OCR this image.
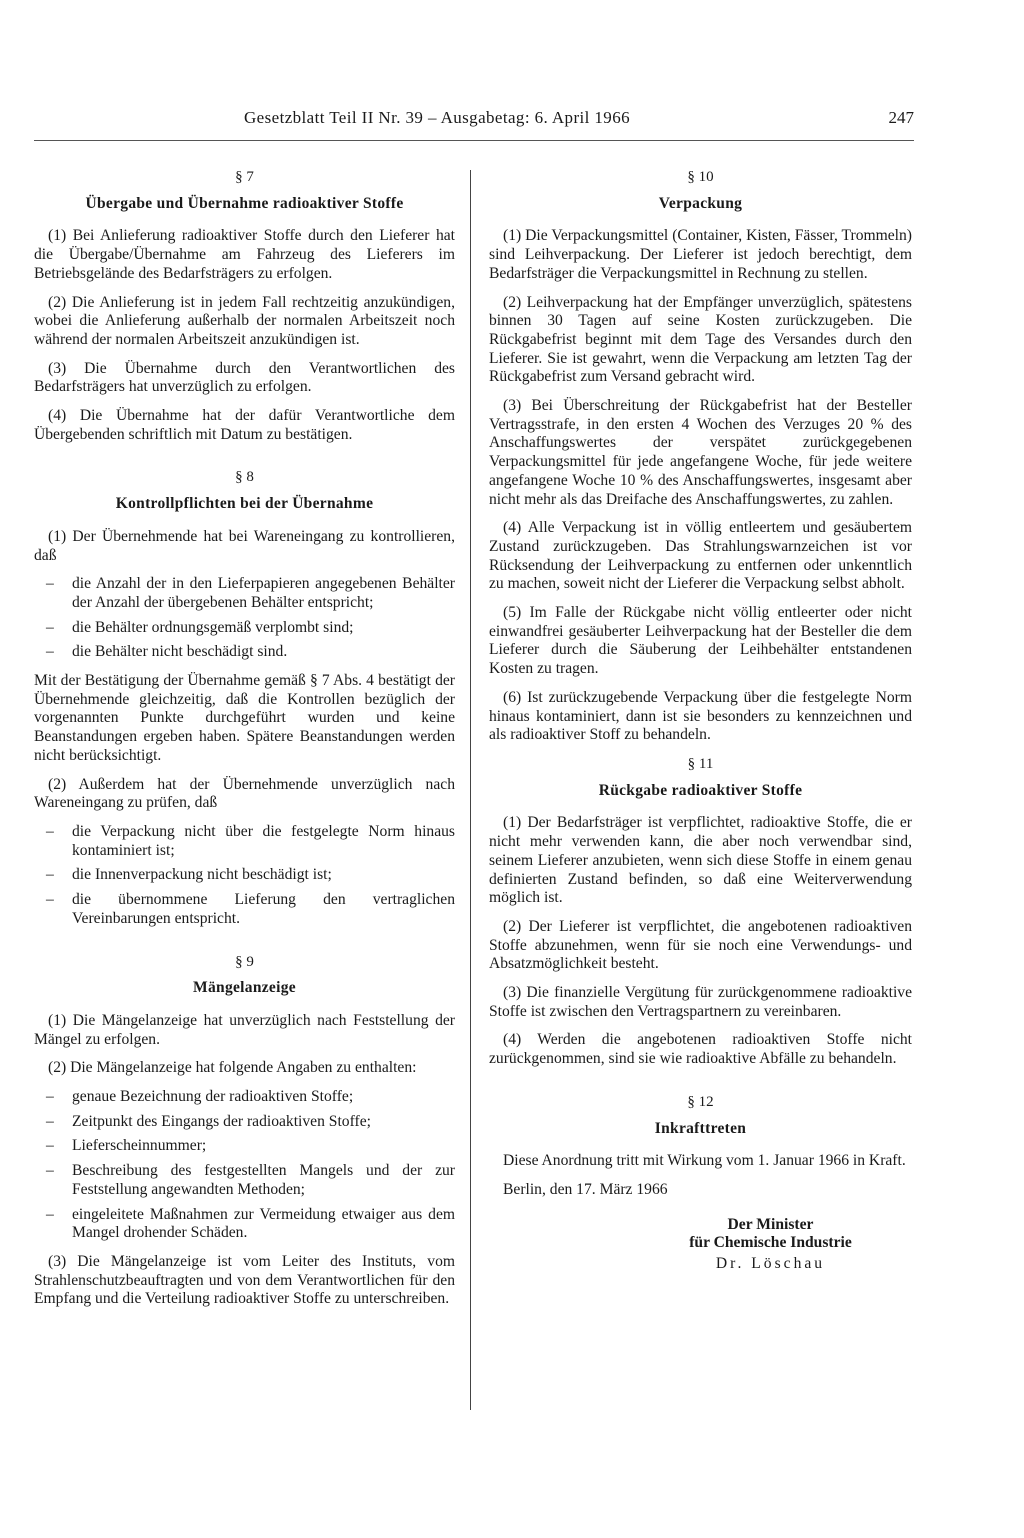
Gesetzblatt Teil II Nr. 39 – Ausgabetag: 6. April 1966	247
§ 7
Übergabe und Übernahme radioaktiver Stoffe

(1) Bei Anlieferung radioaktiver Stoffe durch den Lieferer hat die Übergabe/Übernahme am Fahrzeug des Lieferers im Betriebsgelände des Bedarfsträgers zu erfolgen.

(2) Die Anlieferung ist in jedem Fall rechtzeitig anzukündigen, wobei die Anlieferung außerhalb der normalen Arbeitszeit noch während der normalen Arbeitszeit anzukündigen ist.

(3) Die Übernahme durch den Verantwortlichen des Bedarfsträgers hat unverzüglich zu erfolgen.

(4) Die Übernahme hat der dafür Verantwortliche dem Übergebenden schriftlich mit Datum zu bestätigen.

§ 8
Kontrollpflichten bei der Übernahme

(1) Der Übernehmende hat bei Wareneingang zu kontrollieren, daß

– die Anzahl der in den Lieferpapieren angegebenen Behälter der Anzahl der übergebenen Behälter entspricht;
– die Behälter ordnungsgemäß verplombt sind;
– die Behälter nicht beschädigt sind.

Mit der Bestätigung der Übernahme gemäß § 7 Abs. 4 bestätigt der Übernehmende gleichzeitig, daß die Kontrollen bezüglich der vorgenannten Punkte durchgeführt wurden und keine Beanstandungen ergeben haben. Spätere Beanstandungen werden nicht berücksichtigt.

(2) Außerdem hat der Übernehmende unverzüglich nach Wareneingang zu prüfen, daß

– die Verpackung nicht über die festgelegte Norm hinaus kontaminiert ist;
– die Innenverpackung nicht beschädigt ist;
– die übernommene Lieferung den vertraglichen Vereinbarungen entspricht.
§ 9
Mängelanzeige

(1) Die Mängelanzeige hat unverzüglich nach Feststellung der Mängel zu erfolgen.

(2) Die Mängelanzeige hat folgende Angaben zu enthalten:

– genaue Bezeichnung der radioaktiven Stoffe;
– Zeitpunkt des Eingangs der radioaktiven Stoffe;
– Lieferscheinnummer;
– Beschreibung des festgestellten Mangels und der zur Feststellung angewandten Methoden;
– eingeleitete Maßnahmen zur Vermeidung etwaiger aus dem Mangel drohender Schäden.

(3) Die Mängelanzeige ist vom Leiter des Instituts, vom Strahlenschutzbeauftragten und von dem Verantwortlichen für den Empfang und die Verteilung radioaktiver Stoffe zu unterschreiben.

§ 10
Verpackung

(1) Die Verpackungsmittel (Container, Kisten, Fässer, Trommeln) sind Leihverpackung. Der Lieferer ist jedoch berechtigt, dem Bedarfsträger die Verpackungsmittel in Rechnung zu stellen.

(2) Leihverpackung hat der Empfänger unverzüglich, spätestens binnen 30 Tagen auf seine Kosten zurückzugeben. Die Rückgabefrist beginnt mit dem Tage des Versandes durch den Lieferer. Sie ist gewahrt, wenn die Verpackung am letzten Tag der Rückgabefrist zum Versand gebracht wird.

(3) Bei Überschreitung der Rückgabefrist hat der Besteller Vertragsstrafe, in den ersten 4 Wochen des Verzuges 20 % des Anschaffungswertes der verspätet zurückgegebenen Verpackungsmittel für jede angefangene Woche, für jede weitere angefangene Woche 10 % des Anschaffungswertes, insgesamt aber nicht mehr als das Dreifache des Anschaffungswertes, zu zahlen.

(4) Alle Verpackung ist in völlig entleertem und gesäubertem Zustand zurückzugeben. Das Strahlungswarnzeichen ist vor Rücksendung der Leihverpackung zu entfernen oder unkenntlich zu machen, soweit nicht der Lieferer die Verpackung selbst abholt.

(5) Im Falle der Rückgabe nicht völlig entleerter oder nicht einwandfrei gesäuberter Leihverpackung hat der Besteller die dem Lieferer durch die Säuberung der Leihbehälter entstandenen Kosten zu tragen.

(6) Ist zurückzugebende Verpackung über die festgelegte Norm hinaus kontaminiert, dann ist sie besonders zu kennzeichnen und als radioaktiver Stoff zu behandeln.

§ 11
Rückgabe radioaktiver Stoffe

(1) Der Bedarfsträger ist verpflichtet, radioaktive Stoffe, die er nicht mehr verwenden kann, die aber noch verwendbar sind, seinem Lieferer anzubieten, wenn sich diese Stoffe in einem genau definierten Zustand befinden, so daß eine Weiterverwendung möglich ist.

(2) Der Lieferer ist verpflichtet, die angebotenen radioaktiven Stoffe abzunehmen, wenn für sie noch eine Verwendungs- und Absatzmöglichkeit besteht.

(3) Die finanzielle Vergütung für zurückgenommene radioaktive Stoffe ist zwischen den Vertragspartnern zu vereinbaren.

(4) Werden die angebotenen radioaktiven Stoffe nicht zurückgenommen, sind sie wie radioaktive Abfälle zu behandeln.

§ 12
Inkrafttreten

Diese Anordnung tritt mit Wirkung vom 1. Januar 1966 in Kraft.

Berlin, den 17. März 1966

Der Minister

für Chemische Industrie

Dr. Löschau
